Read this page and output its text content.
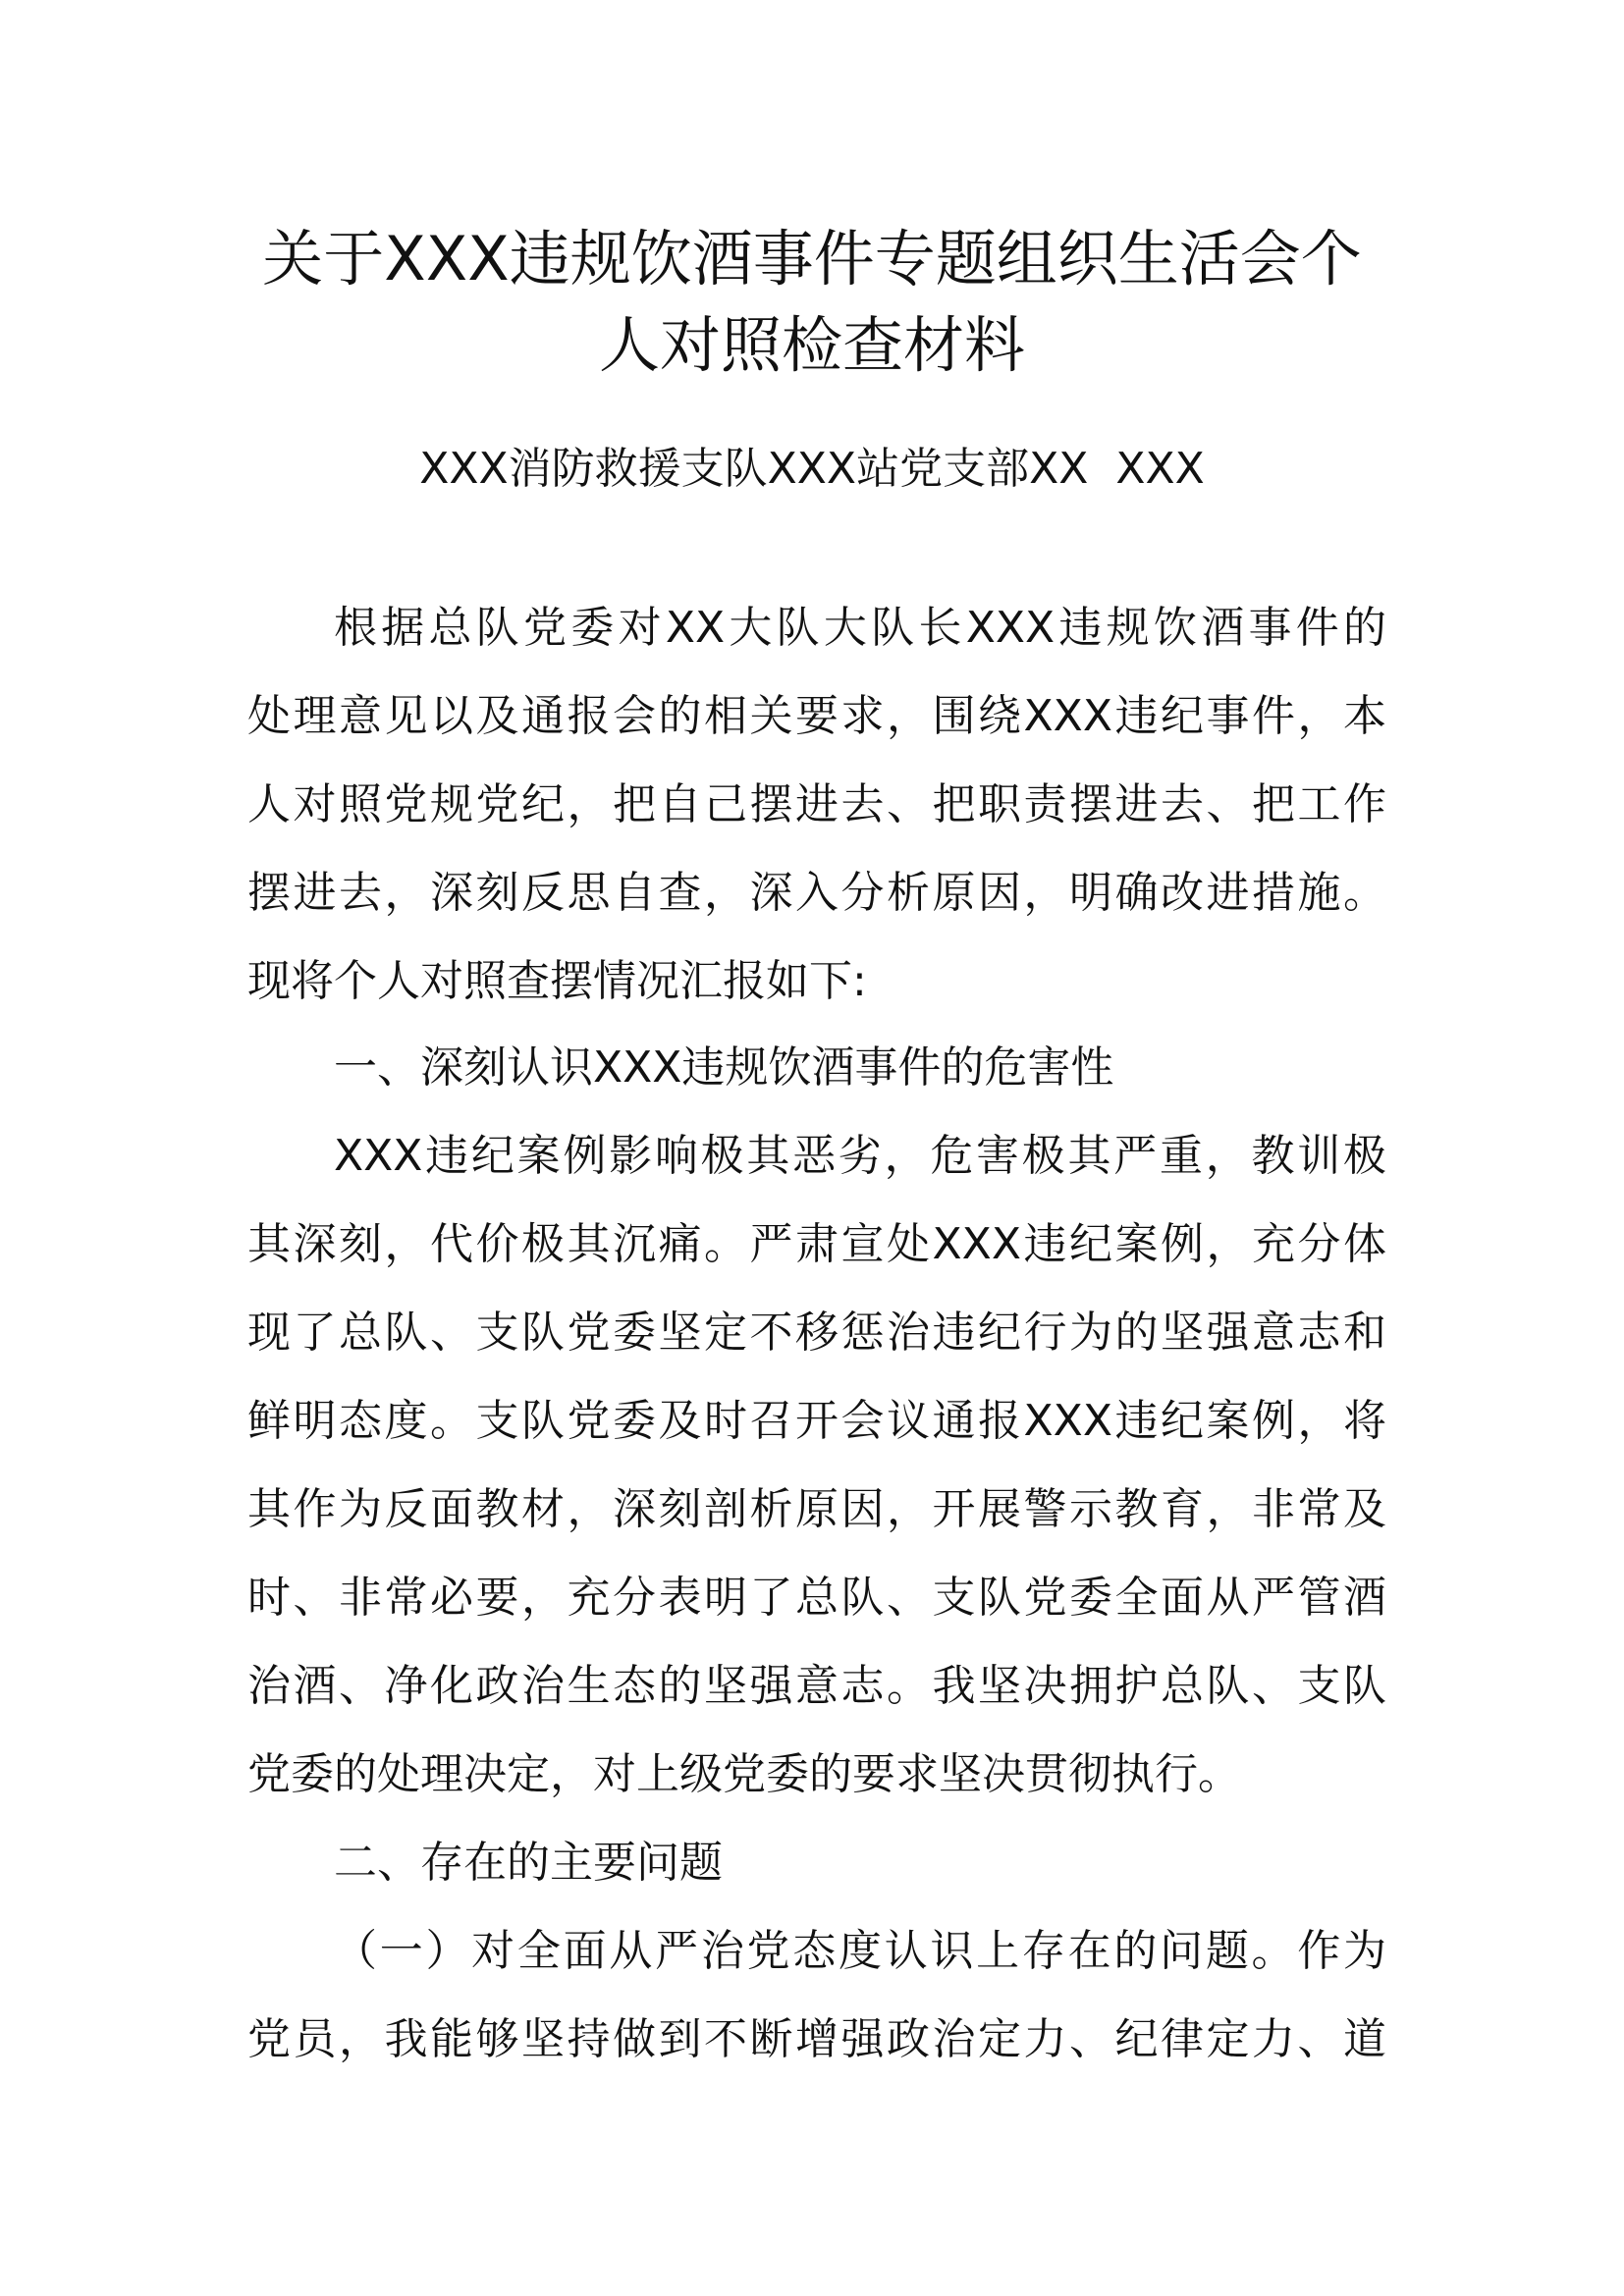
关于XXX违规饮酒事件专题组织生活会个
人对照检查材料
XXX消防救援支队XXX站党支部XX  XXX
根据总队党委对XX大队大队长XXX违规饮酒事件的
处理意见以及通报会的相关要求，围绕XXX违纪事件，本
人对照党规党纪，把自己摆进去、把职责摆进去、把工作
摆进去，深刻反思自查，深入分析原因，明确改进措施。
现将个人对照查摆情况汇报如下:
一、深刻认识XXX违规饮酒事件的危害性
XXX违纪案例影响极其恶劣，危害极其严重，教训极
其深刻，代价极其沉痛。严肃宣处XXX违纪案例，充分体
现了总队、支队党委坚定不移惩治违纪行为的坚强意志和
鲜明态度。支队党委及时召开会议通报XXX违纪案例，将
其作为反面教材，深刻剖析原因，开展警示教育，非常及
时、非常必要，充分表明了总队、支队党委全面从严管酒
治酒、净化政治生态的坚强意志。我坚决拥护总队、支队
党委的处理决定，对上级党委的要求坚决贯彻执行。
二、存在的主要问题
（一）对全面从严治党态度认识上存在的问题。作为
党员，我能够坚持做到不断增强政治定力、纪律定力、道
